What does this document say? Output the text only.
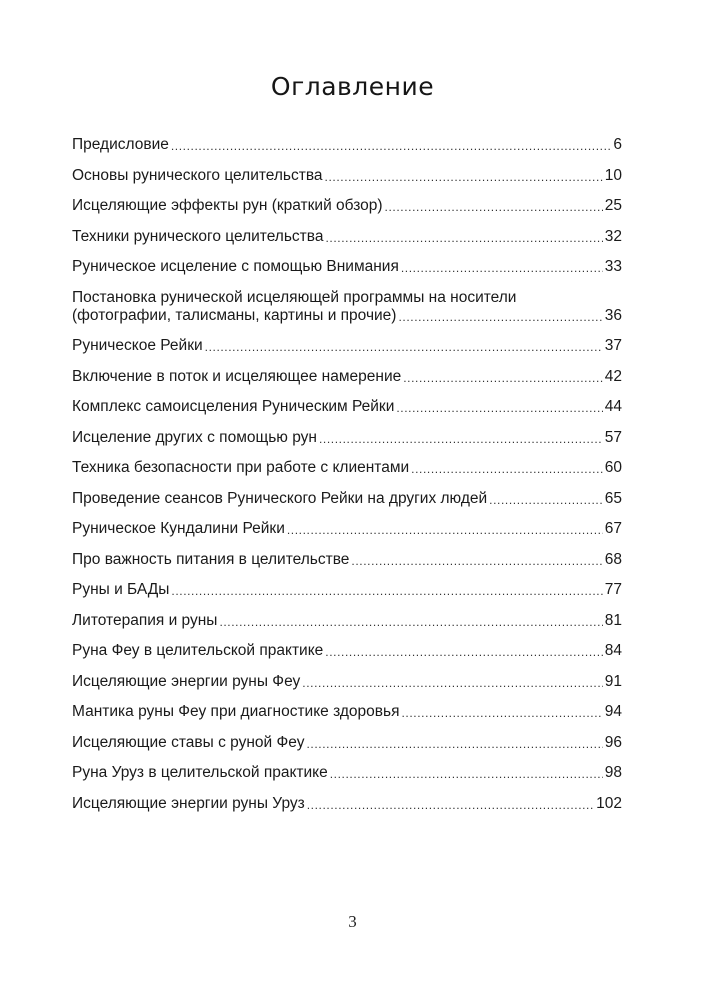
Оглавление
Предисловие .....	6
Основы рунического целительства .....	10
Исцеляющие эффекты рун (краткий обзор) .....	25
Техники рунического целительства .....	32
Руническое исцеление с помощью Внимания .....	33
Постановка рунической исцеляющей программы на носители
(фотографии, талисманы, картины и прочие) .....	36
Руническое Рейки .....	37
Включение в поток и исцеляющее намерение .....	42
Комплекс самоисцеления Руническим Рейки .....	44
Исцеление других с помощью рун .....	57
Техника безопасности при работе с клиентами .....	60
Проведение сеансов Рунического Рейки на других людей .....	65
Руническое Кундалини Рейки .....	67
Про важность питания в целительстве .....	68
Руны и БАДы .....	77
Литотерапия и руны .....	81
Руна Феу в целительской практике .....	84
Исцеляющие энергии руны Феу .....	91
Мантика руны Феу при диагностике здоровья .....	94
Исцеляющие ставы с руной Феу .....	96
Руна Уруз в целительской практике .....	98
Исцеляющие энергии руны Уруз .....	102
3
